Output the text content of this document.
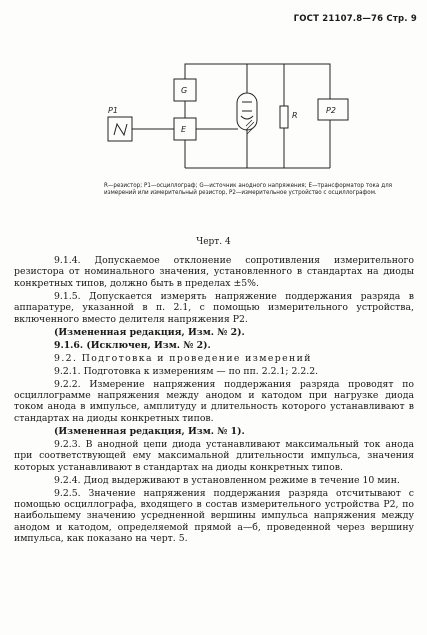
ГОСТ 21107.8—76 Стр. 9
P1
G
E
R
P2
R—резистор; P1—осциллограф; G—источник анодного напряжения; E—трансформатор тока для измерений или измерительный резистор, P2—измерительное устройство с осциллографом.
Черт. 4

9.1.4. Допускаемое отклонение сопротивления измерительного резистора от номинального значения, установленного в стандартах на диоды конкретных типов, должно быть в пределах ±5%.

9.1.5. Допускается измерять напряжение поддержания разряда в аппаратуре, указанной в п. 2.1, с помощью измерительного устройства, включенного вместо делителя напряжения Р2.

(Измененная редакция, Изм. № 2).

9.1.6. (Исключен, Изм. № 2).

9.2. Подготовка и проведение измерений

9.2.1. Подготовка к измерениям — по пп. 2.2.1; 2.2.2.

9.2.2. Измерение напряжения поддержания разряда проводят по осциллограмме напряжения между анодом и катодом при нагрузке диода током анода в импульсе, амплитуду и длительность которого устанавливают в стандартах на диоды конкретных типов.

(Измененная редакция, Изм. № 1).

9.2.3. В анодной цепи диода устанавливают максимальный ток анода при соответствующей ему максимальной длительности импульса, значения которых устанавливают в стандартах на диоды конкретных типов.

9.2.4. Диод выдерживают в установленном режиме в течение 10 мин.

9.2.5. Значение напряжения поддержания разряда отсчитывают с помощью осциллографа, входящего в состав измерительного устройства Р2, по наибольшему значению усредненной вершины импульса напряжения между анодом и катодом, определяемой прямой а—б, проведенной через вершину импульса, как показано на черт. 5.
